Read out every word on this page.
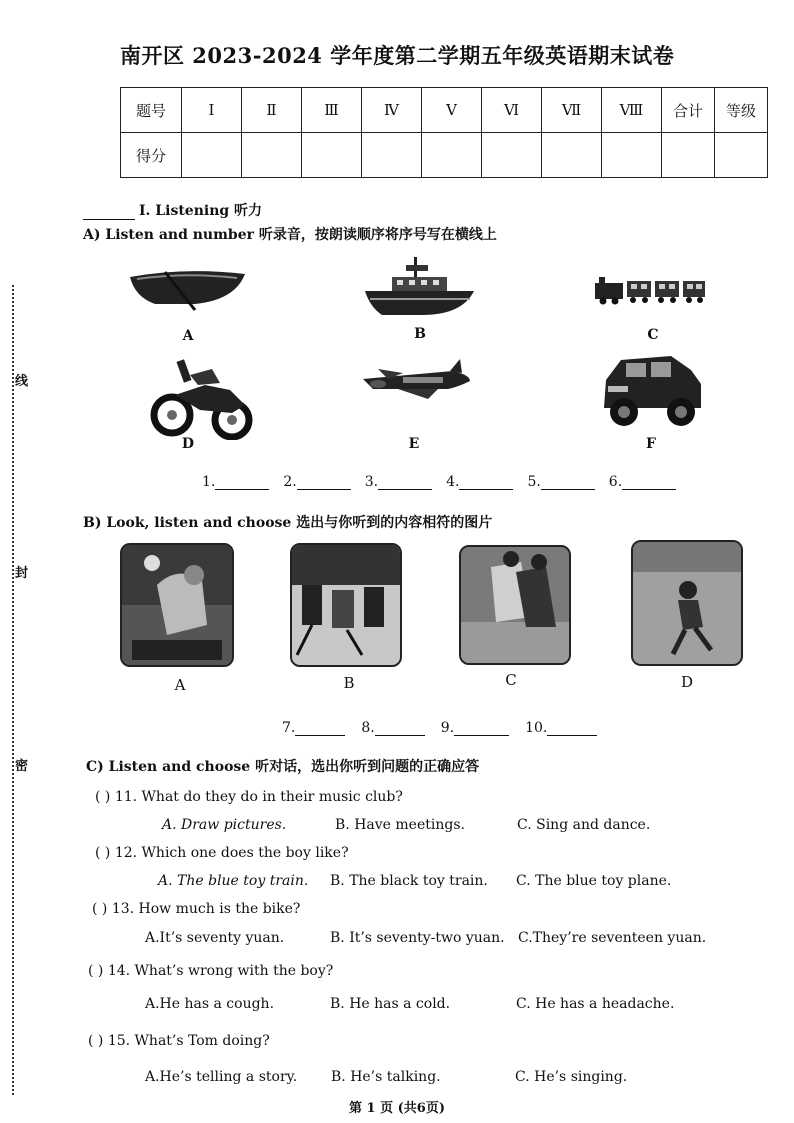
线
封
密
南开区 2023-2024 学年度第二学期五年级英语期末试卷
题号	Ⅰ	Ⅱ	Ⅲ	Ⅳ	Ⅴ	Ⅵ	Ⅶ	Ⅷ	合计	等级
得分										
Ⅰ. Listening 听力
A) Listen and number 听录音，按朗读顺序将序号写在横线上
A	B	C
D	E	F
1.	2.	3.	4.	5.	6.
B) Look, listen and choose 选出与你听到的内容相符的图片
A	B	C	D
7.	8.	9.	10.
C) Listen and choose 听对话，选出你听到问题的正确应答
( ) 11. What do they do in their music club?
A. Draw pictures.	B. Have meetings.	C. Sing and dance.
( ) 12. Which one does the boy like?
A. The blue toy train.	B. The black toy train.	C. The blue toy plane.
( ) 13. How much is the bike?
A.It’s seventy yuan.	B. It’s seventy-two yuan. C.They’re seventeen yuan.
( ) 14. What’s wrong with the boy?
A.He has a cough.	B. He has a cold.	C. He has a headache.
( ) 15. What’s Tom doing?
A.He’s telling a story.	B. He’s talking.	C. He’s singing.
第 1 页 (共6页)
